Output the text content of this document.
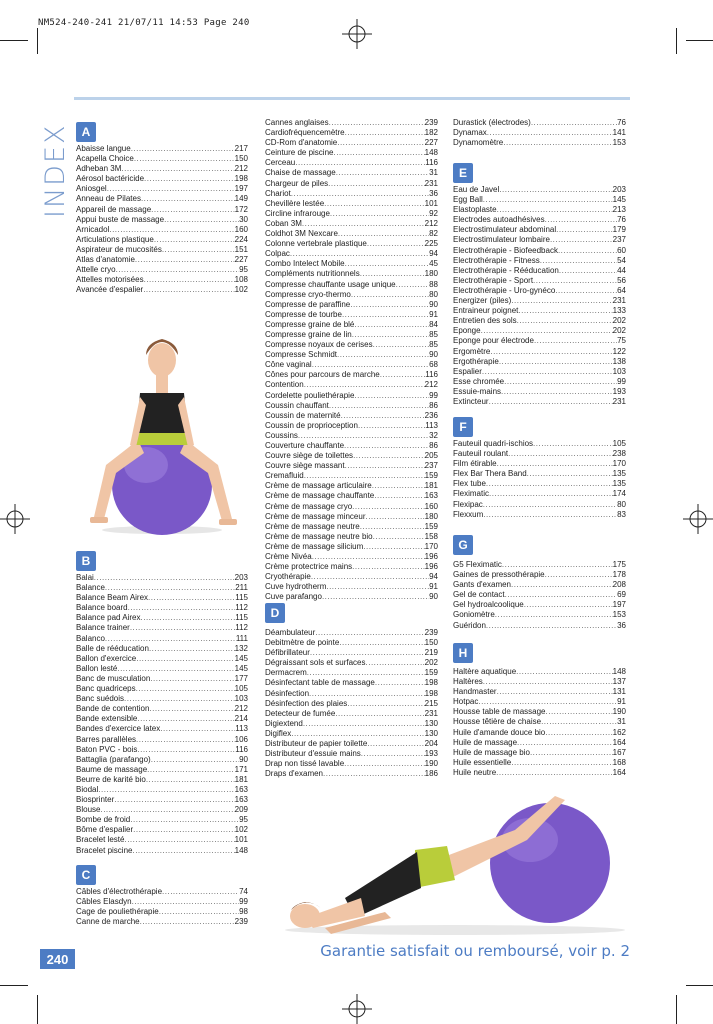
NM524-240-241 21/07/11 14:53 Page 240
INDEX A
Abaisse langue .....	217
Acapella Choice .....	150
Adheban 3M .....	212
Aérosol bactéricide .....	198
Aniosgel .....	197
Anneau de Pilates .....	149
Appareil de massage .....	172
Appui buste de massage .....	30
Arnicadol .....	160
Articulations plastique .....	224
Aspirateur de mucosités .....	151
Atlas d'anatomie .....	227
Attelle cryo .....	95
Attelles motorisées .....	108
Avancée d'espalier .....	102
B
Balai .....	203
Balance .....	211
Balance Beam Airex .....	115
Balance board .....	112
Balance pad Airex .....	115
Balance trainer .....	112
Balanco .....	111
Balle de rééducation .....	132
Ballon d'exercice .....	145
Ballon lesté .....	145
Banc de musculation .....	177
Banc quadriceps .....	105
Banc suédois .....	103
Bande de contention .....	212
Bande extensible .....	214
Bandes d'exercice latex .....	113
Barres parallèles .....	106
Baton PVC - bois .....	116
Battaglia (parafango) .....	90
Baume de massage .....	171
Beurre de karité bio .....	181
Biodal .....	163
Biosprinter .....	163
Blouse .....	209
Bombe de froid .....	95
Bôme d'espalier .....	102
Bracelet lesté .....	101
Bracelet piscine .....	148
C
Câbles d'électrothérapie .....	74
Câbles Elasdyn .....	99
Cage de pouliethérapie .....	98
Canne de marche .....	239
Cannes anglaises .....	239
Cardiofréquencemètre .....	182
CD-Rom d'anatomie .....	227
Ceinture de piscine .....	148
Cerceau .....	116
Chaise de massage .....	31
Chargeur de piles .....	231
Chariot .....	36
Chevillère lestée .....	101
Circline infrarouge .....	92
Coban 3M .....	212
Coldhot 3M Nexcare .....	82
Colonne vertebrale plastique .....	225
Colpac .....	94
Combo Intelect Mobile .....	45
Compléments nutritionnels .....	180
Compresse chauffante usage unique .....	88
Compresse cryo-thermo .....	80
Compresse de paraffine .....	90
Compresse de tourbe .....	91
Compresse graine de blé .....	84
Compresse graine de lin .....	85
Compresse noyaux de cerises .....	85
Compresse Schmidt .....	90
Cône vaginal .....	68
Cônes pour parcours de marche .....	116
Contention .....	212
Cordelette pouliethérapie .....	99
Coussin chauffant .....	86
Coussin de maternité .....	236
Coussin de proprioception .....	113
Coussins .....	32
Couverture chauffante .....	86
Couvre siège de toilettes .....	205
Couvre siège massant .....	237
Cremafluid .....	159
Crème de massage articulaire .....	181
Crème de massage chauffante .....	163
Crème de massage cryo .....	160
Crème de massage minceur .....	180
Crème de massage neutre .....	159
Crème de massage neutre bio .....	158
Crème de massage silicium .....	170
Crème Nivéa .....	196
Crème protectrice mains .....	196
Cryothérapie .....	94
Cuve hydrotherm .....	91
Cuve parafango .....	90
D
Déambulateur .....	239
Debitmètre de pointe .....	150
Défibrillateur .....	219
Dégraissant sols et surfaces .....	202
Dermacrem .....	159
Désinfectant table de massage .....	198
Désinfection .....	198
Désinfection des plaies .....	215
Detecteur de fumée .....	231
Digiextend .....	130
Digiflex .....	130
Distributeur de papier toilette .....	204
Distributeur d'essuie mains .....	193
Drap non tissé lavable .....	190
Draps d'examen .....	186
Durastick (électrodes) .....	76
Dynamax .....	141
Dynamomètre .....	153
E
Eau de Javel .....	203
Egg Ball .....	145
Elastoplaste .....	213
Electrodes autoadhésives .....	76
Electrostimulateur abdominal .....	179
Electrostimulateur lombaire .....	237
Electrothérapie - Biofeedback .....	60
Electrothérapie - Fitness .....	54
Electrothérapie - Rééducation .....	44
Electrothérapie - Sport .....	56
Electrothérapie - Uro-gynéco .....	64
Energizer (piles) .....	231
Entraineur poignet .....	133
Entretien des sols .....	202
Eponge .....	202
Eponge pour électrode .....	75
Ergomètre .....	122
Ergothérapie .....	138
Espalier .....	103
Esse chromée .....	99
Essuie-mains .....	193
Extincteur .....	231
F
Fauteuil quadri-ischios .....	105
Fauteuil roulant .....	238
Film étirable .....	170
Flex Bar Thera Band .....	135
Flex tube .....	135
Fleximatic .....	174
Flexipac .....	80
Flexxum .....	83
G
G5 Fleximatic .....	175
Gaines de pressothérapie .....	178
Gants d'examen .....	208
Gel de contact .....	69
Gel hydroalcoolique .....	197
Goniomètre .....	153
Guéridon .....	36
H
Haltère aquatique .....	148
Haltères .....	137
Handmaster .....	131
Hotpac .....	91
Housse table de massage .....	190
Housse têtière de chaise .....	31
Huile d'amande douce bio .....	162
Huile de massage .....	164
Huile de massage bio .....	167
Huile essentielle .....	168
Huile neutre .....	164
240	Garantie satisfait ou remboursé, voir p. 2
